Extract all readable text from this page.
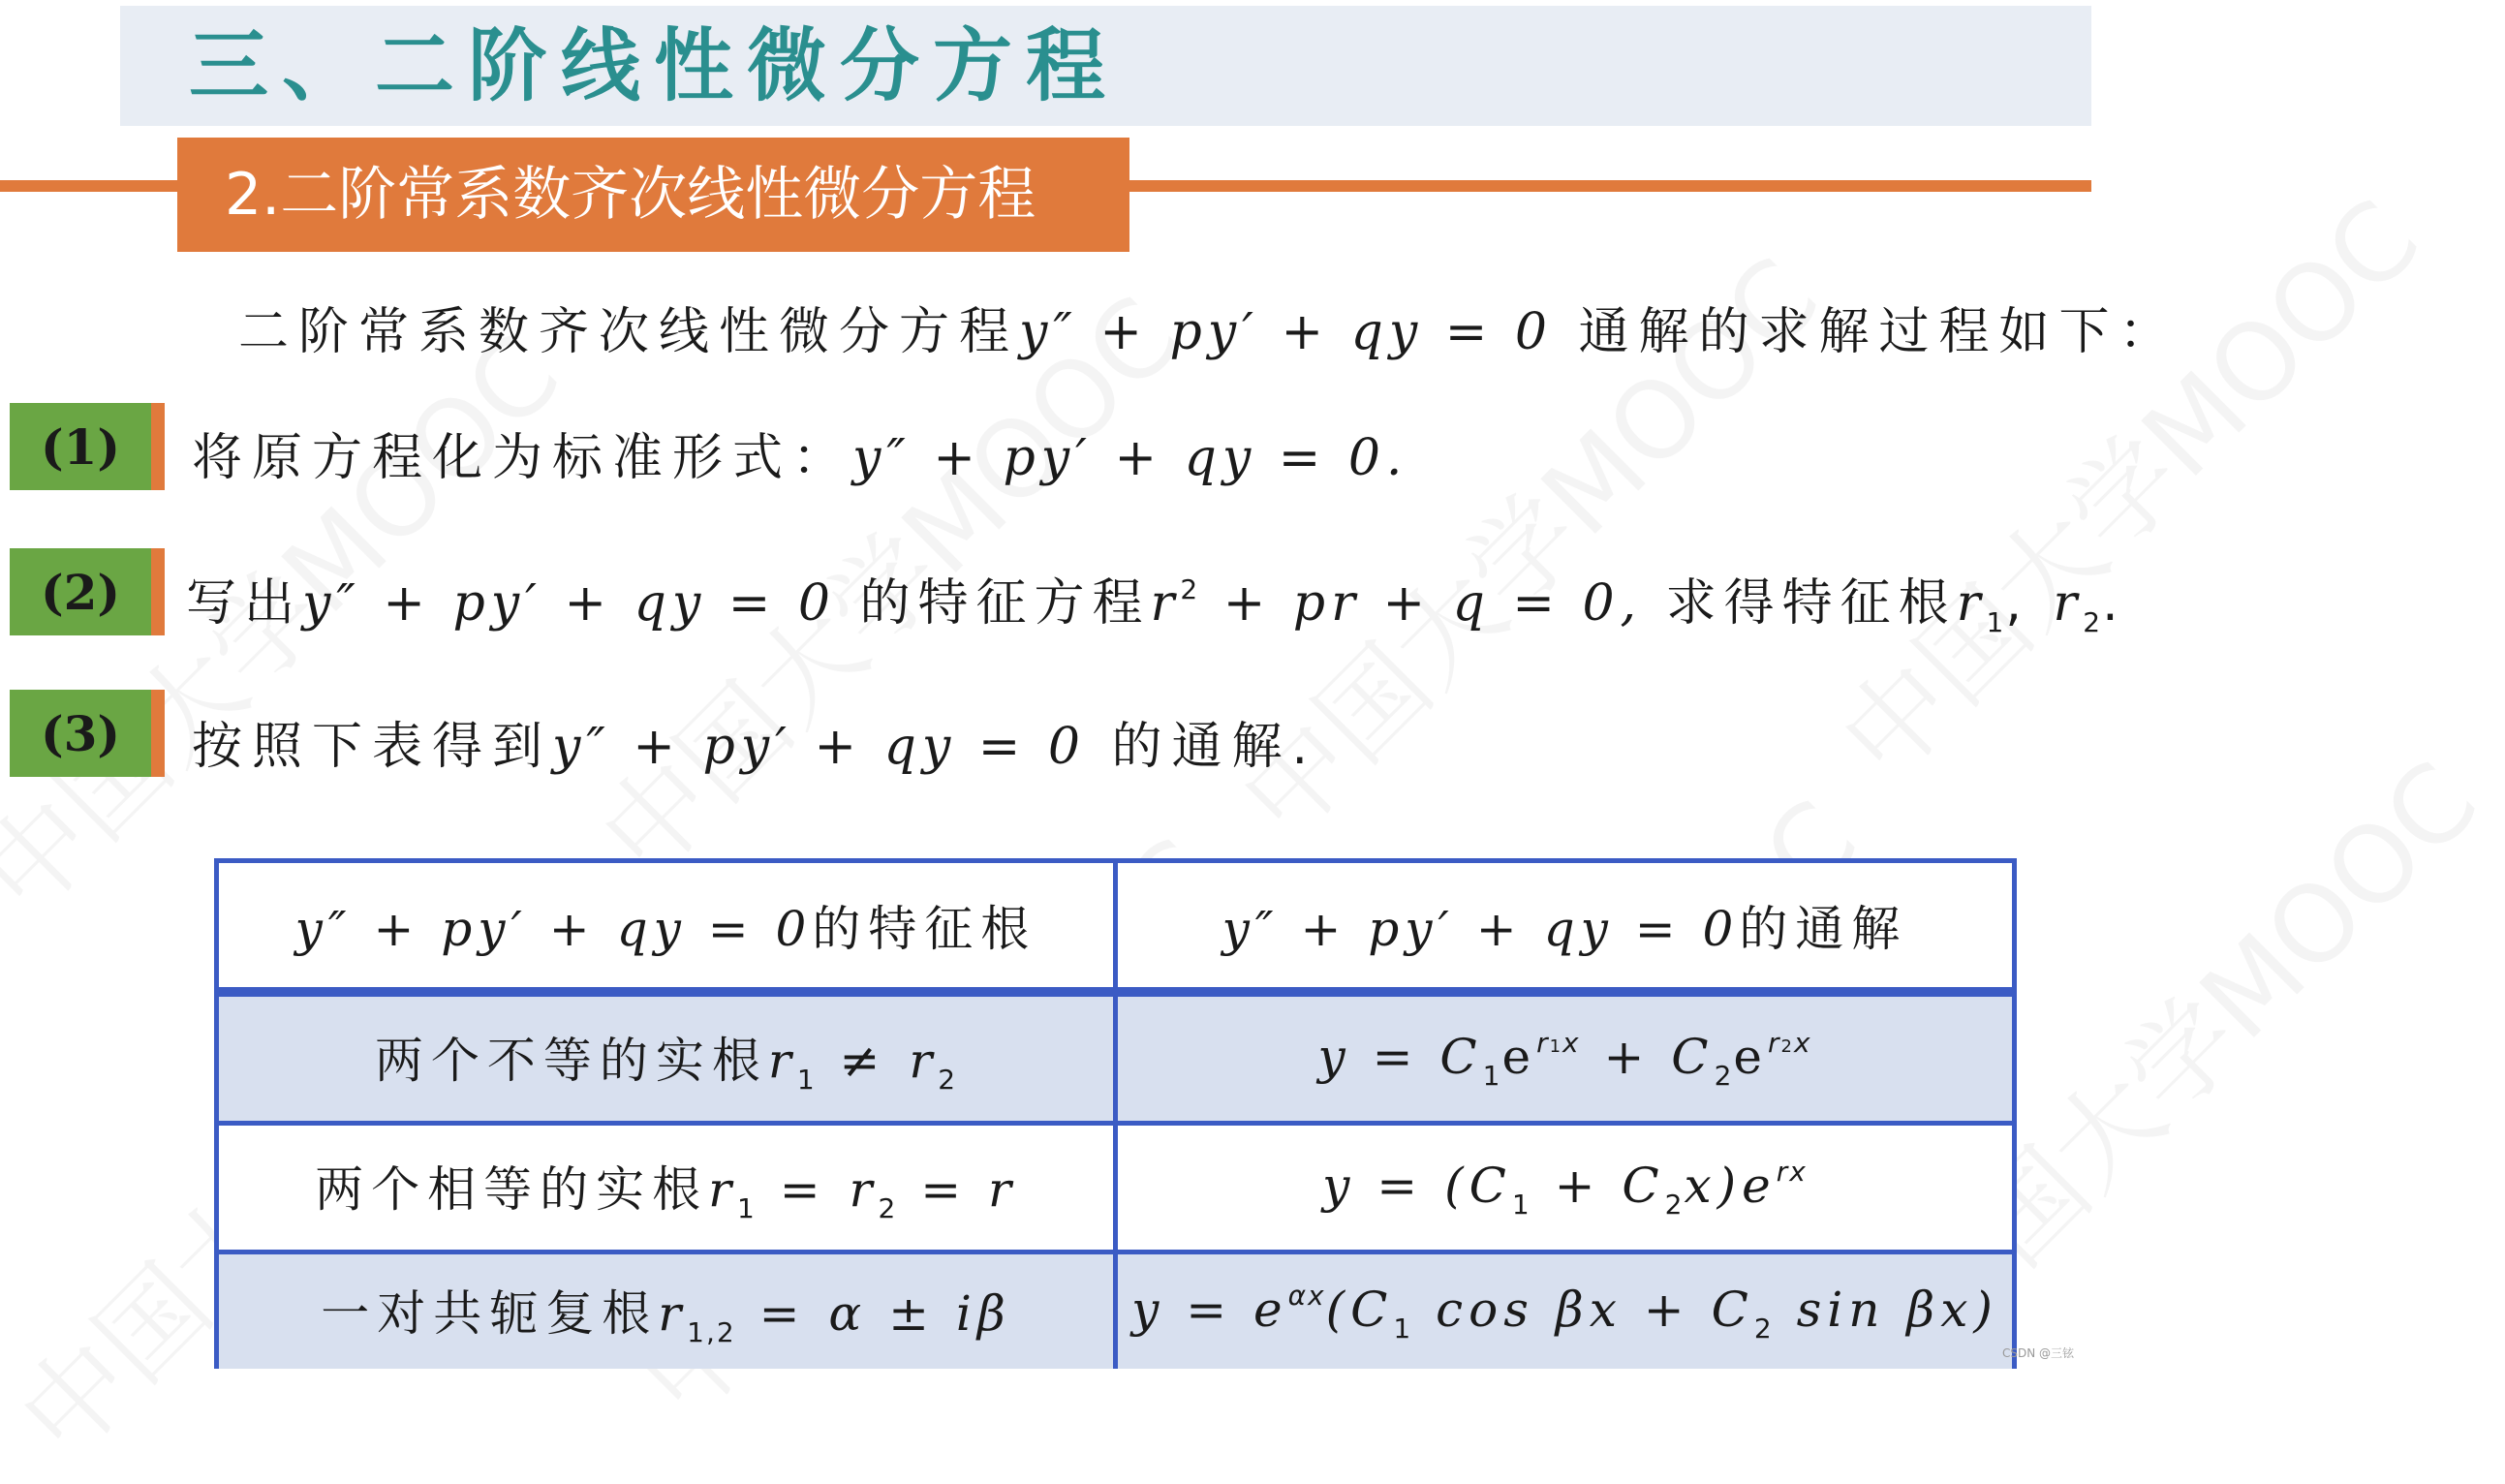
三、二阶线性微分方程
2.二阶常系数齐次线性微分方程
二阶常系数齐次线性微分方程y″ + py′ + qy = 0 通解的求解过程如下：
(1) 将原方程化为标准形式：y″ + py′ + qy = 0.
(2) 写出y″ + py′ + qy = 0 的特征方程$r^2$ + pr + q = 0, 求得特征根$r_1$, $r_2$.
(3) 按照下表得到y″ + py′ + qy = 0 的通解.
y″ + py′ + qy = 0的特征根	y″ + py′ + qy = 0的通解
两个不等的实根$r_1 \ne r_2$	$y = C_1e^{r1x} + C_2e^{r2x}$
两个相等的实根$r_1 = r_2 = r$	$y = (C_1 + C_2x)e^{rx}$
一对共轭复根$r_{1,2} = \alpha \pm i\beta$	$y = e^{\alpha x}(C_1$ $\cos \beta x + C_2$ sin βx)
CSDN @三铉
